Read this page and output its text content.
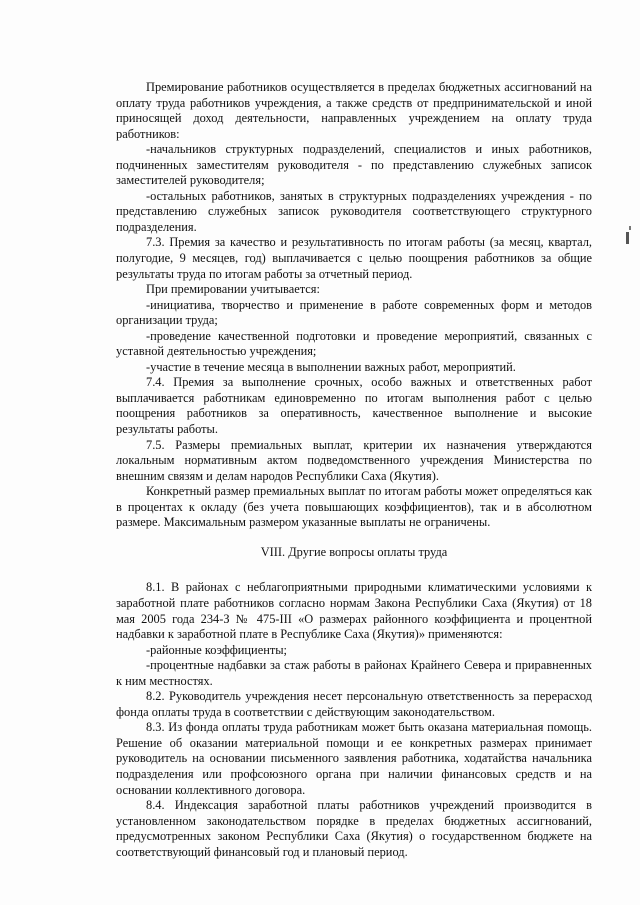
Премирование работников осуществляется в пределах бюджетных ассигнований на оплату труда работников учреждения, а также средств от предпринимательской и иной приносящей доход деятельности, направленных учреждением на оплату труда работников:

-начальников структурных подразделений, специалистов и иных работников, подчиненных заместителям руководителя - по представлению служебных записок заместителей руководителя;

-остальных работников, занятых в структурных подразделениях учреждения - по представлению служебных записок руководителя соответствующего структурного подразделения.

7.3. Премия за качество и результативность по итогам работы (за месяц, квартал, полугодие, 9 месяцев, год) выплачивается с целью поощрения работников за общие результаты труда по итогам работы за отчетный период.

При премировании учитывается:

-инициатива, творчество и применение в работе современных форм и методов организации труда;

-проведение качественной подготовки и проведение мероприятий, связанных с уставной деятельностью учреждения;

-участие в течение месяца в выполнении важных работ, мероприятий.

7.4. Премия за выполнение срочных, особо важных и ответственных работ выплачивается работникам единовременно по итогам выполнения работ с целью поощрения работников за оперативность, качественное выполнение и высокие результаты работы.

7.5. Размеры премиальных выплат, критерии их назначения утверждаются локальным нормативным актом подведомственного учреждения Министерства по внешним связям и делам народов Республики Саха (Якутия).

Конкретный размер премиальных выплат по итогам работы может определяться как в процентах к окладу (без учета повышающих коэффициентов), так и в абсолютном размере. Максимальным размером указанные выплаты не ограничены.

VIII. Другие вопросы оплаты труда

8.1. В районах с неблагоприятными природными климатическими условиями к заработной плате работников согласно нормам Закона Республики Саха (Якутия) от 18 мая 2005 года 234-З № 475-III «О размерах районного коэффициента и процентной надбавки к заработной плате в Республике Саха (Якутия)» применяются:

-районные коэффициенты;

-процентные надбавки за стаж работы в районах Крайнего Севера и приравненных к ним местностях.

8.2. Руководитель учреждения несет персональную ответственность за перерасход фонда оплаты труда в соответствии с действующим законодательством.

8.3. Из фонда оплаты труда работникам может быть оказана материальная помощь. Решение об оказании материальной помощи и ее конкретных размерах принимает руководитель на основании письменного заявления работника, ходатайства начальника подразделения или профсоюзного органа при наличии финансовых средств и на основании коллективного договора.

8.4. Индексация заработной платы работников учреждений производится в установленном законодательством порядке в пределах бюджетных ассигнований, предусмотренных законом Республики Саха (Якутия) о государственном бюджете на соответствующий финансовый год и плановый период.
